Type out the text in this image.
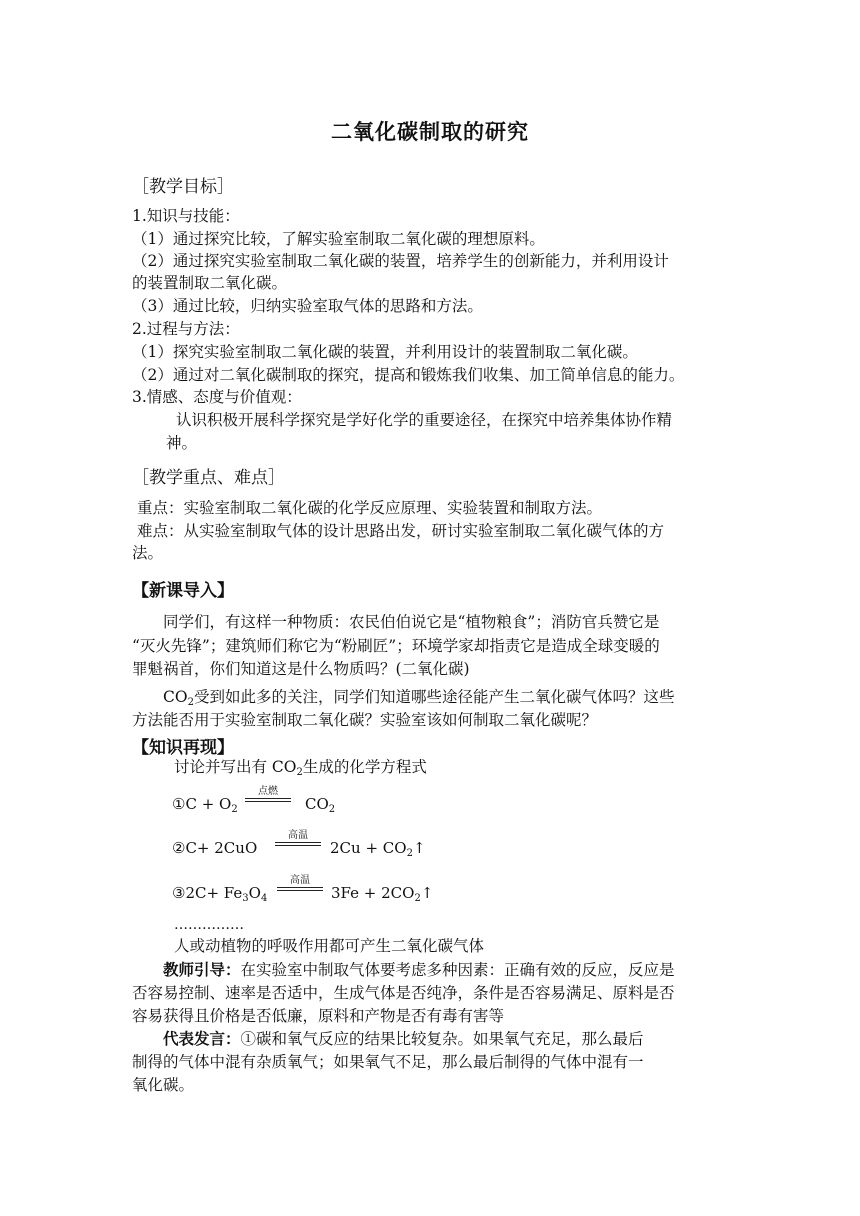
二氧化碳制取的研究
［教学目标］
1.知识与技能：
（1）通过探究比较，了解实验室制取二氧化碳的理想原料。
（2）通过探究实验室制取二氧化碳的装置，培养学生的创新能力，并利用设计
的装置制取二氧化碳。
（3）通过比较，归纳实验室取气体的思路和方法。
2.过程与方法：
（1）探究实验室制取二氧化碳的装置，并利用设计的装置制取二氧化碳。
（2）通过对二氧化碳制取的探究，提高和锻炼我们收集、加工简单信息的能力。
3.情感、态度与价值观：
认识积极开展科学探究是学好化学的重要途径，在探究中培养集体协作精
神。
［教学重点、难点］
重点：实验室制取二氧化碳的化学反应原理、实验装置和制取方法。
难点：从实验室制取气体的设计思路出发，研讨实验室制取二氧化碳气体的方
法。
【新课导入】
同学们，有这样一种物质：农民伯伯说它是“植物粮食”；消防官兵赞它是
“灭火先锋”；建筑师们称它为“粉刷匠”；环境学家却指责它是造成全球变暖的
罪魁祸首，你们知道这是什么物质吗？(二氧化碳)
$CO_2$受到如此多的关注，同学们知道哪些途径能产生二氧化碳气体吗？这些
方法能否用于实验室制取二氧化碳？实验室该如何制取二氧化碳呢？
【知识再现】
讨论并写出有 $CO_2$生成的化学方程式
①C + $O_2$
点燃
$CO_2$
②C+ 2CuO
高温
$2Cu + CO_2↑$
③2C+ $Fe_3O_4$
高温
$3Fe + 2CO_2↑$
……………
人或动植物的呼吸作用都可产生二氧化碳气体
教师引导：在实验室中制取气体要考虑多种因素：正确有效的反应，反应是
否容易控制、速率是否适中，生成气体是否纯净，条件是否容易满足、原料是否
容易获得且价格是否低廉，原料和产物是否有毒有害等
代表发言：①碳和氧气反应的结果比较复杂。如果氧气充足，那么最后
制得的气体中混有杂质氧气；如果氧气不足，那么最后制得的气体中混有一
氧化碳。
